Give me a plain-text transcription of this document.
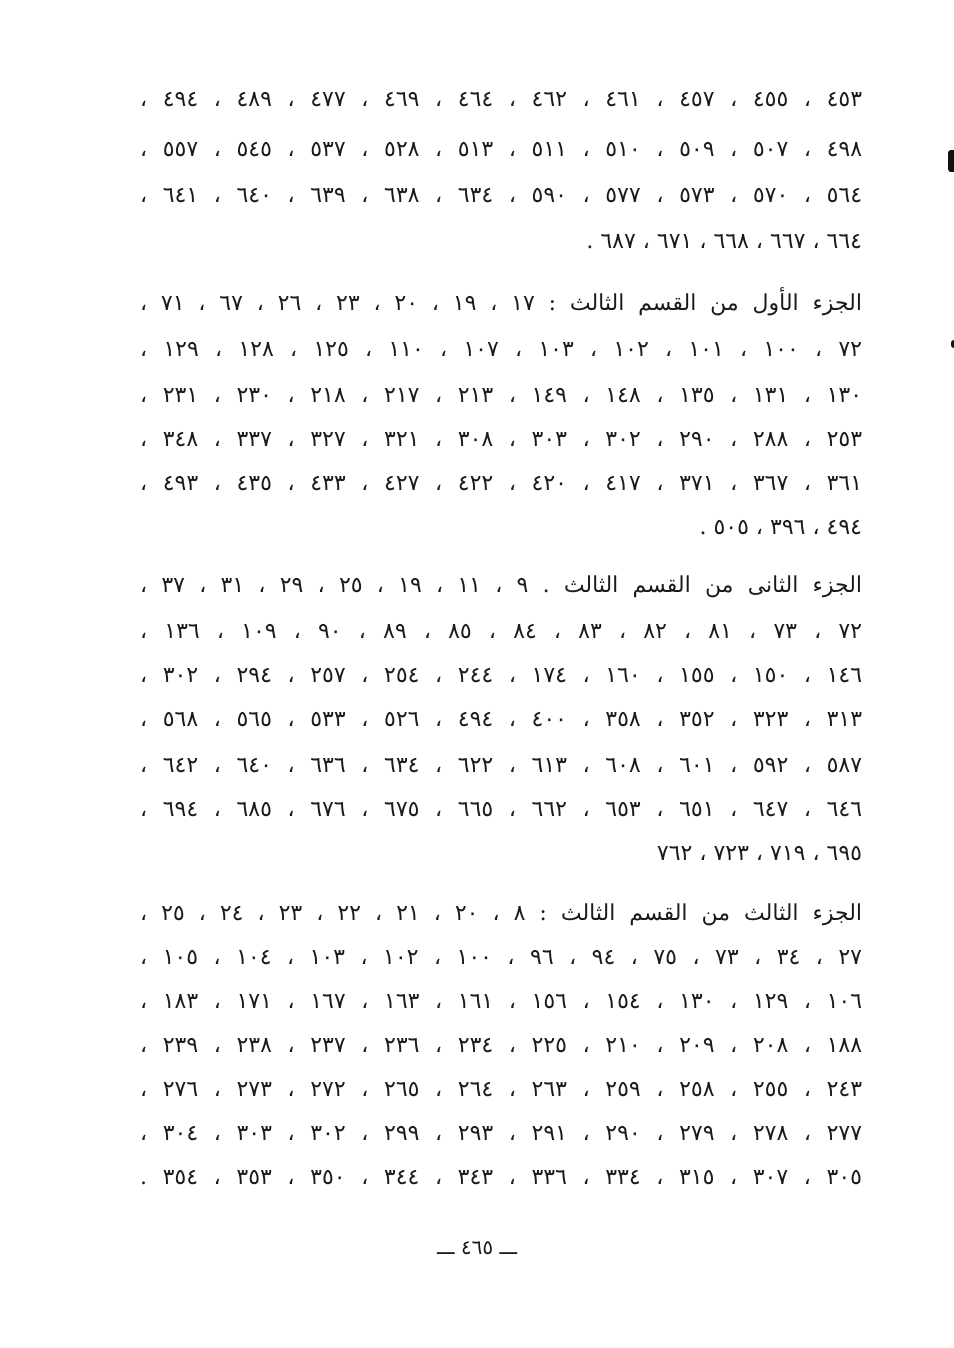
٤٥٣ ، ٤٥٥ ، ٤٥٧ ، ٤٦١ ، ٤٦٢ ، ٤٦٤ ، ٤٦٩ ، ٤٧٧ ، ٤٨٩ ، ٤٩٤ ،
٤٩٨ ، ٥٠٧ ، ٥٠٩ ، ٥١٠ ، ٥١١ ، ٥١٣ ، ٥٢٨ ، ٥٣٧ ، ٥٤٥ ، ٥٥٧ ،
٥٦٤ ، ٥٧٠ ، ٥٧٣ ، ٥٧٧ ، ٥٩٠ ، ٦٣٤ ، ٦٣٨ ، ٦٣٩ ، ٦٤٠ ، ٦٤١ ،
٦٦٤ ، ٦٦٧ ، ٦٦٨ ، ٦٧١ ، ٦٨٧ .
الجزء الأول من القسم الثالث : ١٧ ، ١٩ ، ٢٠ ، ٢٣ ، ٢٦ ، ٦٧ ، ٧١ ،
٧٢ ، ١٠٠ ، ١٠١ ، ١٠٢ ، ١٠٣ ، ١٠٧ ، ١١٠ ، ١٢٥ ، ١٢٨ ، ١٢٩ ،
١٣٠ ، ١٣١ ، ١٣٥ ، ١٤٨ ، ١٤٩ ، ٢١٣ ، ٢١٧ ، ٢١٨ ، ٢٣٠ ، ٢٣١ ،
٢٥٣ ، ٢٨٨ ، ٢٩٠ ، ٣٠٢ ، ٣٠٣ ، ٣٠٨ ، ٣٢١ ، ٣٢٧ ، ٣٣٧ ، ٣٤٨ ،
٣٦١ ، ٣٦٧ ، ٣٧١ ، ٤١٧ ، ٤٢٠ ، ٤٢٢ ، ٤٢٧ ، ٤٣٣ ، ٤٣٥ ، ٤٩٣ ،
٤٩٤ ، ٣٩٦ ، ٥٠٥ .
الجزء الثانى من القسم الثالث . ٩ ، ١١ ، ١٩ ، ٢٥ ، ٢٩ ، ٣١ ، ٣٧ ،
٧٢ ، ٧٣ ، ٨١ ، ٨٢ ، ٨٣ ، ٨٤ ، ٨٥ ، ٨٩ ، ٩٠ ، ١٠٩ ، ١٣٦ ،
١٤٦ ، ١٥٠ ، ١٥٥ ، ١٦٠ ، ١٧٤ ، ٢٤٤ ، ٢٥٤ ، ٢٥٧ ، ٢٩٤ ، ٣٠٢ ،
٣١٣ ، ٣٢٣ ، ٣٥٢ ، ٣٥٨ ، ٤٠٠ ، ٤٩٤ ، ٥٢٦ ، ٥٣٣ ، ٥٦٥ ، ٥٦٨ ،
٥٨٧ ، ٥٩٢ ، ٦٠١ ، ٦٠٨ ، ٦١٣ ، ٦٢٢ ، ٦٣٤ ، ٦٣٦ ، ٦٤٠ ، ٦٤٢ ،
٦٤٦ ، ٦٤٧ ، ٦٥١ ، ٦٥٣ ، ٦٦٢ ، ٦٦٥ ، ٦٧٥ ، ٦٧٦ ، ٦٨٥ ، ٦٩٤ ،
٦٩٥ ، ٧١٩ ، ٧٢٣ ، ٧٦٢
الجزء الثالث من القسم الثالث : ٨ ، ٢٠ ، ٢١ ، ٢٢ ، ٢٣ ، ٢٤ ، ٢٥ ،
٢٧ ، ٣٤ ، ٧٣ ، ٧٥ ، ٩٤ ، ٩٦ ، ١٠٠ ، ١٠٢ ، ١٠٣ ، ١٠٤ ، ١٠٥ ،
١٠٦ ، ١٢٩ ، ١٣٠ ، ١٥٤ ، ١٥٦ ، ١٦١ ، ١٦٣ ، ١٦٧ ، ١٧١ ، ١٨٣ ،
١٨٨ ، ٢٠٨ ، ٢٠٩ ، ٢١٠ ، ٢٢٥ ، ٢٣٤ ، ٢٣٦ ، ٢٣٧ ، ٢٣٨ ، ٢٣٩ ،
٢٤٣ ، ٢٥٥ ، ٢٥٨ ، ٢٥٩ ، ٢٦٣ ، ٢٦٤ ، ٢٦٥ ، ٢٧٢ ، ٢٧٣ ، ٢٧٦ ،
٢٧٧ ، ٢٧٨ ، ٢٧٩ ، ٢٩٠ ، ٢٩١ ، ٢٩٣ ، ٢٩٩ ، ٣٠٢ ، ٣٠٣ ، ٣٠٤ ،
٣٠٥ ، ٣٠٧ ، ٣١٥ ، ٣٣٤ ، ٣٣٦ ، ٣٤٣ ، ٣٤٤ ، ٣٥٠ ، ٣٥٣ ، ٣٥٤ .
ـــ ٤٦٥ ـــ
